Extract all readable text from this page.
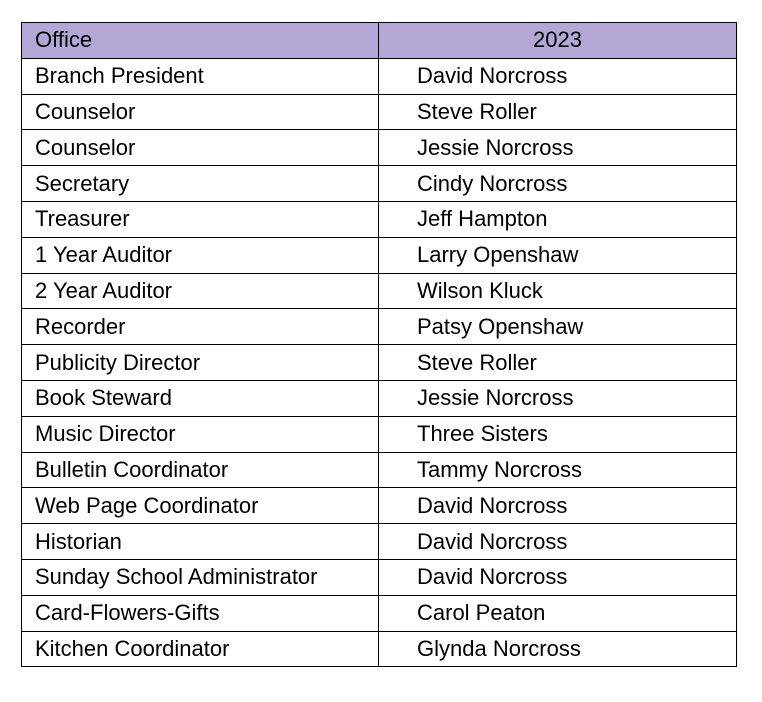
Office	2023
Branch President	David Norcross
Counselor	Steve Roller
Counselor	Jessie Norcross
Secretary	Cindy Norcross
Treasurer	Jeff Hampton
1 Year Auditor	Larry Openshaw
2 Year Auditor	Wilson Kluck
Recorder	Patsy Openshaw
Publicity Director	Steve Roller
Book Steward	Jessie Norcross
Music Director	Three Sisters
Bulletin Coordinator	Tammy Norcross
Web Page Coordinator	David Norcross
Historian	David Norcross
Sunday School Administrator	David Norcross
Card-Flowers-Gifts	Carol Peaton
Kitchen Coordinator	Glynda Norcross
